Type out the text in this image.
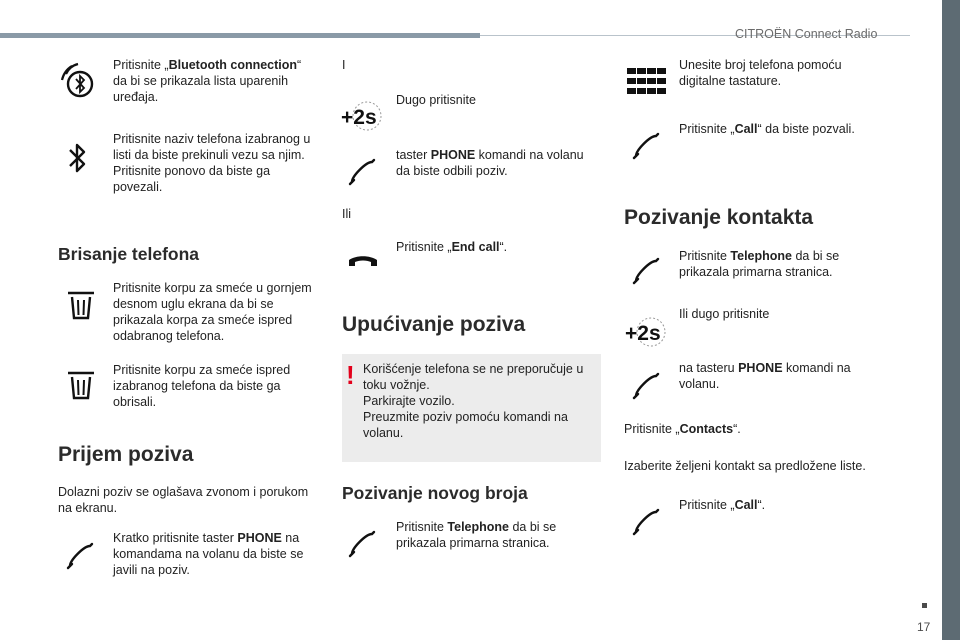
CITROËN Connect Radio
17
Pritisnite „Bluetooth connection“ da bi se prikazala lista uparenih uređaja.
Pritisnite naziv telefona izabranog u listi da biste prekinuli vezu sa njim. Pritisnite ponovo da biste ga povezali.
Brisanje telefona
Pritisnite korpu za smeće u gornjem desnom uglu ekrana da bi se prikazala korpa za smeće ispred odabranog telefona.
Pritisnite korpu za smeće ispred izabranog telefona da biste ga obrisali.
Prijem poziva
Dolazni poziv se oglašava zvonom i porukom na ekranu.
Kratko pritisnite taster PHONE na komandama na volanu da biste se javili na poziv.
I
+2s
Dugo pritisnite
taster PHONE komandi na volanu da biste odbili poziv.
Ili
Pritisnite „End call“.
Upućivanje poziva
! Korišćenje telefona se ne preporučuje u toku vožnje.
Parkirajte vozilo.
Preuzmite poziv pomoću komandi na volanu.
Pozivanje novog broja
Pritisnite Telephone da bi se prikazala primarna stranica.
Unesite broj telefona pomoću digitalne tastature.
Pritisnite „Call“ da biste pozvali.
Pozivanje kontakta
Pritisnite Telephone da bi se prikazala primarna stranica.
+2s
Ili dugo pritisnite
na tasteru PHONE komandi na volanu.
Pritisnite „Contacts“.
Izaberite željeni kontakt sa predložene liste.
Pritisnite „Call“.
